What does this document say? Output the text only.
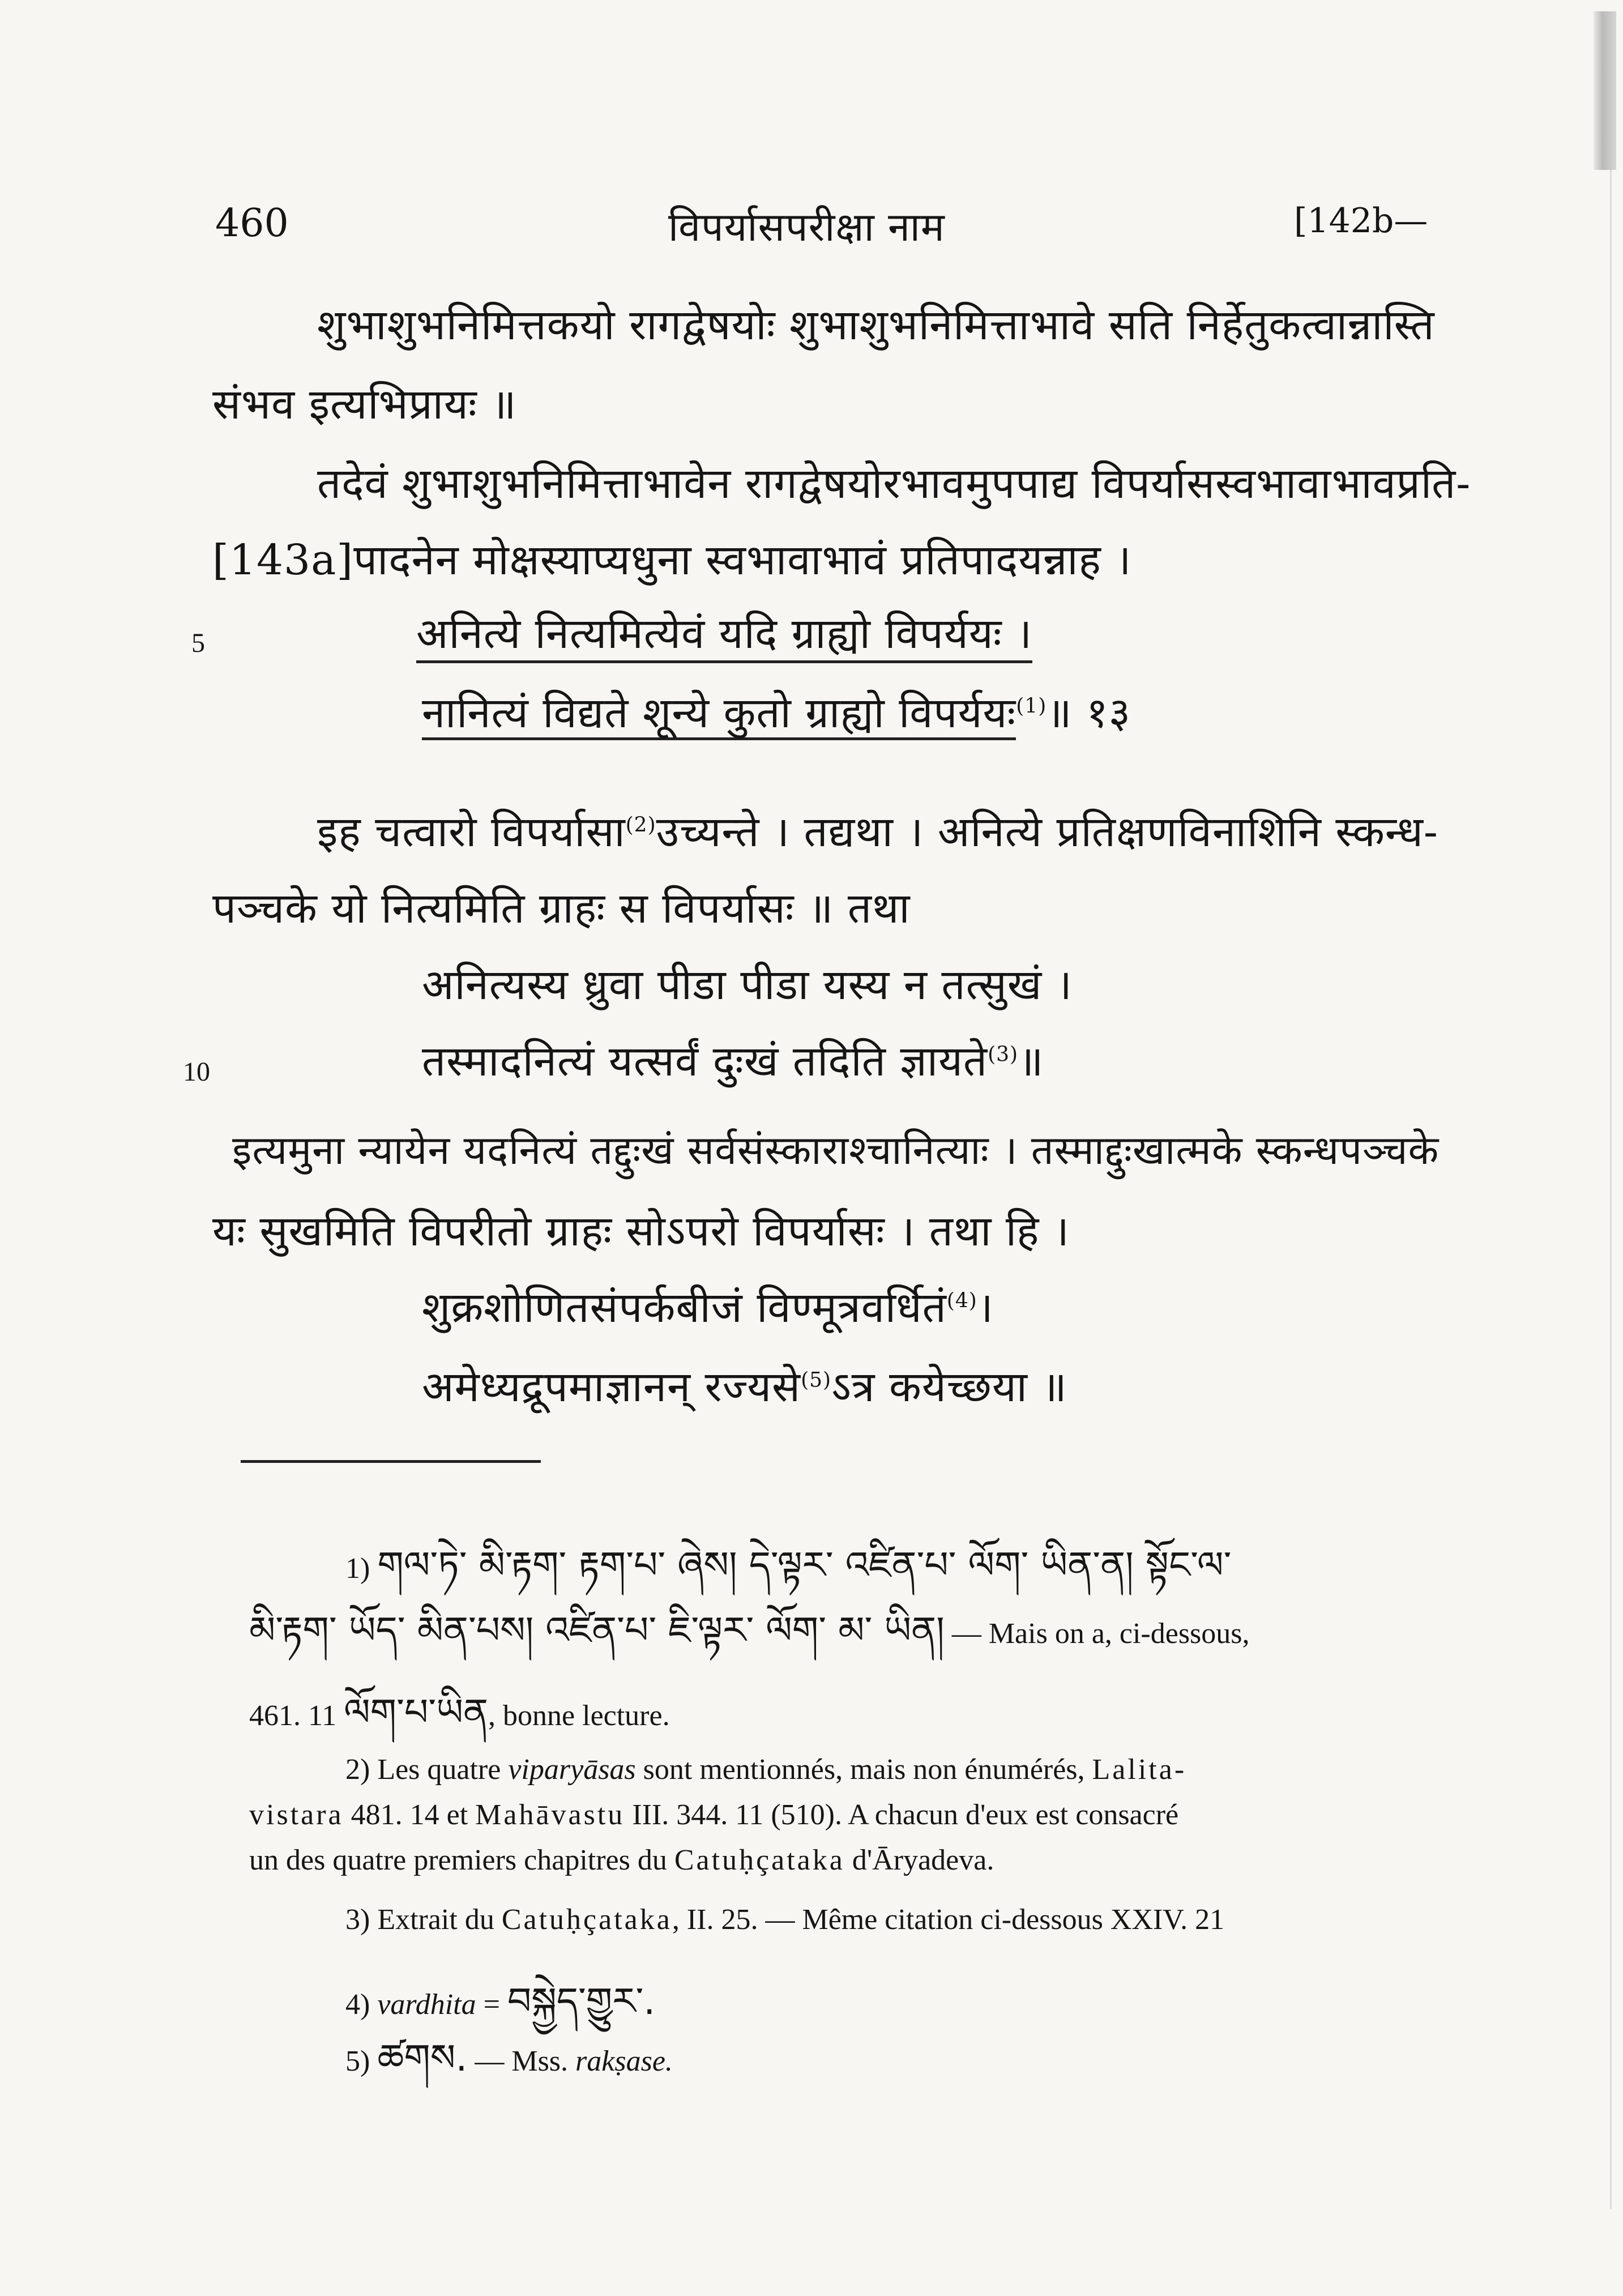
460	विपर्यासपरीक्षा नाम	[142b—
शुभाशुभनिमित्तकयो रागद्वेषयोः शुभाशुभनिमित्ताभावे सति निर्हेतुकत्वान्नास्ति
संभव इत्यभिप्रायः ॥
तदेवं शुभाशुभनिमित्ताभावेन रागद्वेषयोरभावमुपपाद्य विपर्यासस्वभावाभावप्रति-
[143a]पादनेन मोक्षस्याप्यधुना स्वभावाभावं प्रतिपादयन्नाह ।
5	अनित्ये नित्यमित्येवं यदि ग्राह्यो विपर्ययः ।
नानित्यं विद्यते शून्ये कुतो ग्राह्यो विपर्ययः$^{(1)}$॥ १३
इह चत्वारो विपर्यासा$^{(2)}$उच्यन्ते । तद्यथा । अनित्ये प्रतिक्षणविनाशिनि स्कन्ध-
पञ्चके यो नित्यमिति ग्राहः स विपर्यासः ॥ तथा
अनित्यस्य ध्रुवा पीडा पीडा यस्य न तत्सुखं ।
10	तस्मादनित्यं यत्सर्वं दुःखं तदिति ज्ञायते$^{(3)}$॥
इत्यमुना न्यायेन यदनित्यं तद्दुःखं सर्वसंस्काराश्चानित्याः । तस्माद्दुःखात्मके स्कन्धपञ्चके
यः सुखमिति विपरीतो ग्राहः सोऽपरो विपर्यासः । तथा हि ।
शुक्रशोणितसंपर्कबीजं विण्मूत्रवर्धितं$^{(4)}$।
अमेध्यद्रूपमाज्ञानन् रज्यसे$^{(5)}$ऽत्र कयेच्छया ॥
1) གལ་ཏེ་ མི་རྟག་ རྟག་པ་ ཞེས། དེ་ལྟར་ འཛིན་པ་ ལོག་ ཡིན་ན། སྟོང་ལ་
མི་རྟག་ ཡོད་ མིན་པས། འཛིན་པ་ ཇི་ལྟར་ ལོག་ མ་ ཡིན། — Mais on a, ci-dessous,
461. 11 ལོག་པ་ཡིན, bonne lecture.
2) Les quatre viparyāsas sont mentionnés, mais non énumérés, Lalita-
vistara 481. 14 et Mahāvastu III. 344. 11 (510). A chacun d'eux est consacré
un des quatre premiers chapitres du Catuḥçataka d'Āryadeva.
3) Extrait du Catuḥçataka, II. 25. — Même citation ci-dessous XXIV. 21
4) vardhita = བསྐྱེད་གྱུར་.
5) ཚགས. — Mss. rakṣase.
